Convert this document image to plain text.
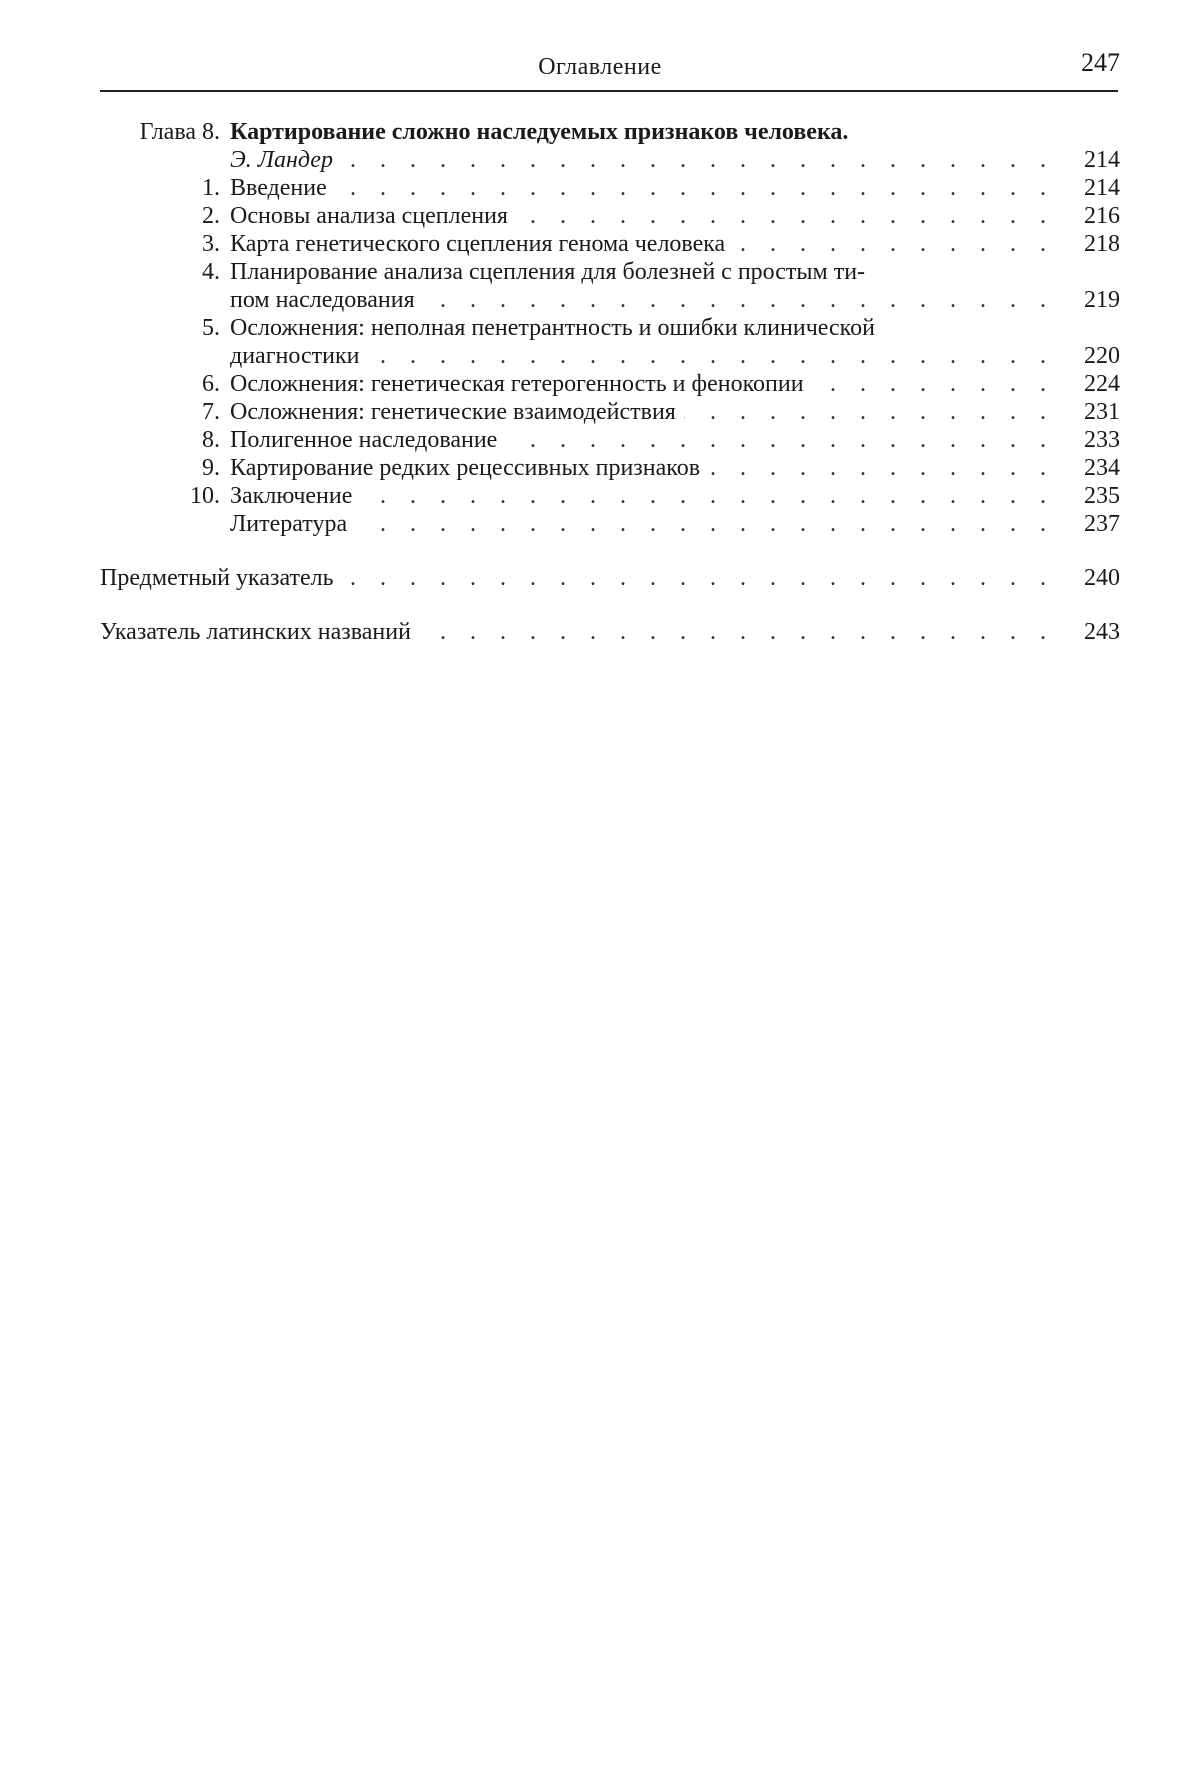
Оглавление	247
Глава 8. Картирование сложно наследуемых признаков человека.
Э. Ландер . . .	214
1. Введение . . .	214
2. Основы анализа сцепления . . .	216
3. Карта генетического сцепления генома человека . . .	218
4. Планирование анализа сцепления для болезней с простым ти-
пом наследования . . .	219
5. Осложнения: неполная пенетрантность и ошибки клинической
диагностики . . .	220
6. Осложнения: генетическая гетерогенность и фенокопии . . .	224
7. Осложнения: генетические взаимодействия . . .	231
8. Полигенное наследование . . .	233
9. Картирование редких рецессивных признаков . . .	234
10. Заключение . . .	235
Литература . . .	237
Предметный указатель . . .	240
Указатель латинских названий . . .	243
